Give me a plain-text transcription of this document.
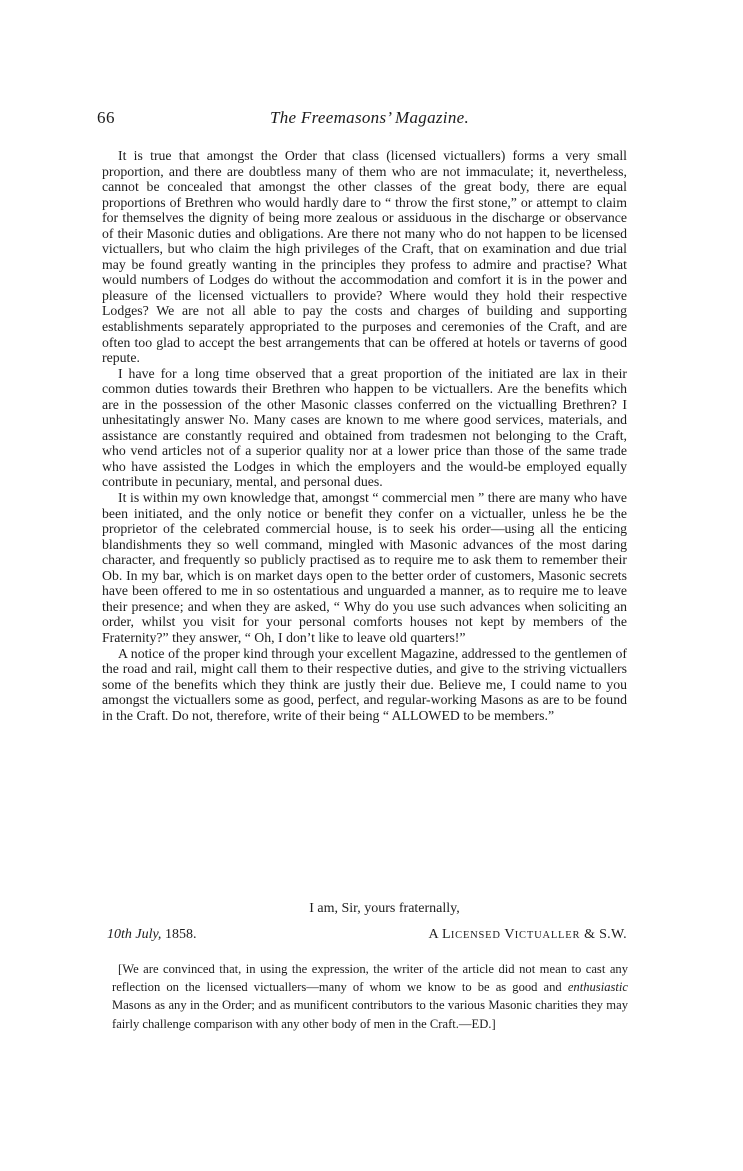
66	The Freemasons’ Magazine.

It is true that amongst the Order that class (licensed victuallers) forms a very small proportion, and there are doubtless many of them who are not immaculate; it, nevertheless, cannot be concealed that amongst the other classes of the great body, there are equal proportions of Brethren who would hardly dare to “ throw the first stone,” or attempt to claim for themselves the dignity of being more zealous or assiduous in the discharge or observance of their Masonic duties and obligations. Are there not many who do not happen to be licensed victuallers, but who claim the high privileges of the Craft, that on examination and due trial may be found greatly wanting in the principles they profess to admire and practise? What would numbers of Lodges do without the accommodation and comfort it is in the power and pleasure of the licensed victuallers to provide? Where would they hold their respective Lodges? We are not all able to pay the costs and charges of building and supporting establishments separately appropriated to the purposes and ceremonies of the Craft, and are often too glad to accept the best arrangements that can be offered at hotels or taverns of good repute.

I have for a long time observed that a great proportion of the initiated are lax in their common duties towards their Brethren who happen to be victuallers. Are the benefits which are in the possession of the other Masonic classes conferred on the victualling Brethren? I unhesitatingly answer No. Many cases are known to me where good services, materials, and assistance are constantly required and obtained from tradesmen not belonging to the Craft, who vend articles not of a superior quality nor at a lower price than those of the same trade who have assisted the Lodges in which the employers and the would-be employed equally contribute in pecuniary, mental, and personal dues.

It is within my own knowledge that, amongst “ commercial men ” there are many who have been initiated, and the only notice or benefit they confer on a victualler, unless he be the proprietor of the celebrated commercial house, is to seek his order—using all the enticing blandishments they so well command, mingled with Masonic advances of the most daring character, and frequently so publicly practised as to require me to ask them to remember their Ob. In my bar, which is on market days open to the better order of customers, Masonic secrets have been offered to me in so ostentatious and unguarded a manner, as to require me to leave their presence; and when they are asked, “ Why do you use such advances when soliciting an order, whilst you visit for your personal comforts houses not kept by members of the Fraternity?” they answer, “ Oh, I don’t like to leave old quarters!”

A notice of the proper kind through your excellent Magazine, addressed to the gentlemen of the road and rail, might call them to their respective duties, and give to the striving victuallers some of the benefits which they think are justly their due. Believe me, I could name to you amongst the victuallers some as good, perfect, and regular-working Masons as are to be found in the Craft. Do not, therefore, write of their being “ ALLOWED to be members.”

I am, Sir, yours fraternally,
10th July, 1858.	A LICENSED VICTUALLER & S.W.
[We are convinced that, in using the expression, the writer of the article did not mean to cast any reflection on the licensed victuallers—many of whom we know to be as good and enthusiastic Masons as any in the Order; and as munificent contributors to the various Masonic charities they may fairly challenge comparison with any other body of men in the Craft.—ED.]
